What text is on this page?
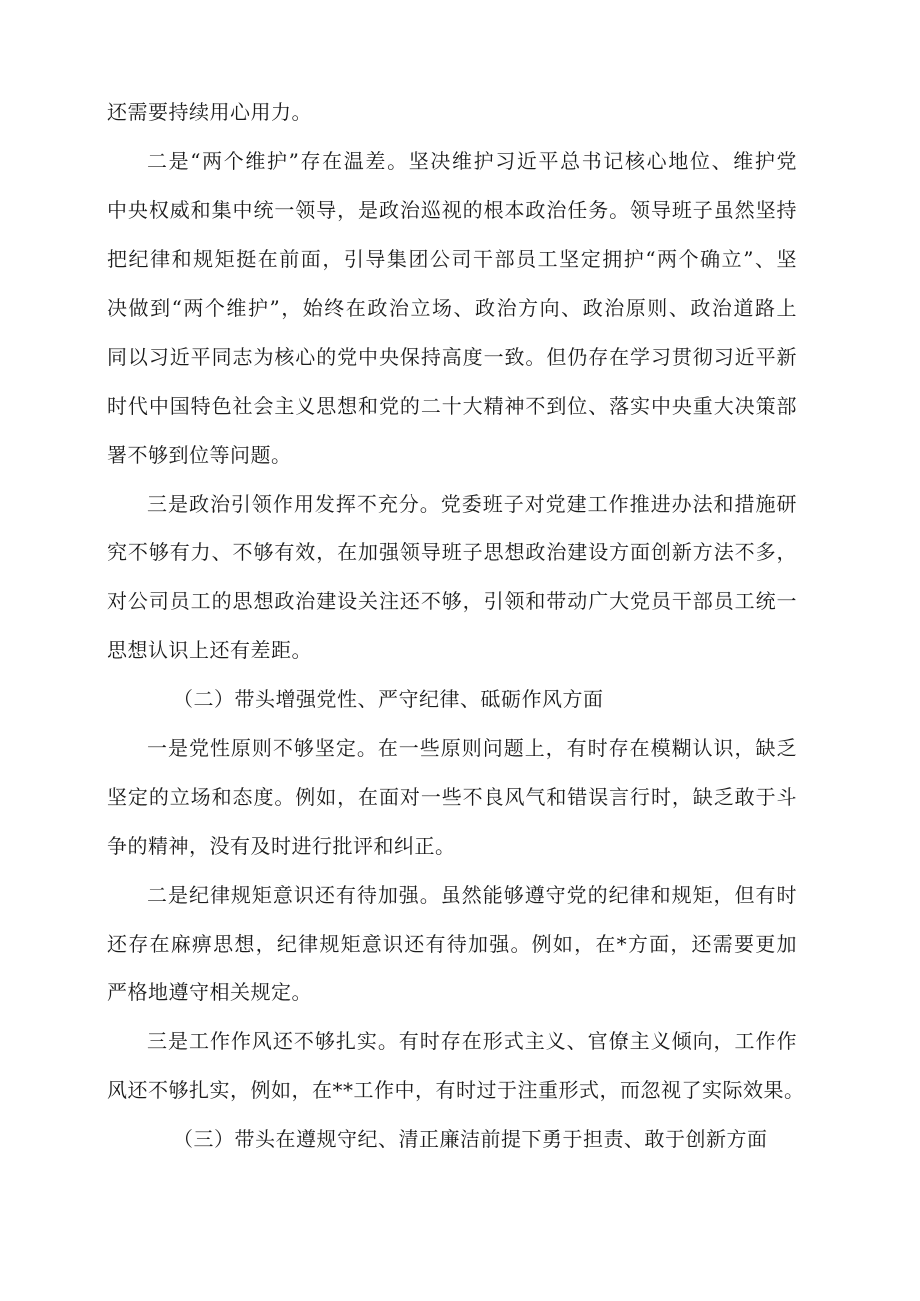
还需要持续用心用力。
二是“两个维护”存在温差。坚决维护习近平总书记核心地位、维护党
中央权威和集中统一领导，是政治巡视的根本政治任务。领导班子虽然坚持
把纪律和规矩挺在前面，引导集团公司干部员工坚定拥护“两个确立”、坚
决做到“两个维护”，始终在政治立场、政治方向、政治原则、政治道路上
同以习近平同志为核心的党中央保持高度一致。但仍存在学习贯彻习近平新
时代中国特色社会主义思想和党的二十大精神不到位、落实中央重大决策部
署不够到位等问题。
三是政治引领作用发挥不充分。党委班子对党建工作推进办法和措施研
究不够有力、不够有效，在加强领导班子思想政治建设方面创新方法不多，
对公司员工的思想政治建设关注还不够，引领和带动广大党员干部员工统一
思想认识上还有差距。
（二）带头增强党性、严守纪律、砥砺作风方面
一是党性原则不够坚定。在一些原则问题上，有时存在模糊认识，缺乏
坚定的立场和态度。例如，在面对一些不良风气和错误言行时，缺乏敢于斗
争的精神，没有及时进行批评和纠正。
二是纪律规矩意识还有待加强。虽然能够遵守党的纪律和规矩，但有时
还存在麻痹思想，纪律规矩意识还有待加强。例如，在*方面，还需要更加
严格地遵守相关规定。
三是工作作风还不够扎实。有时存在形式主义、官僚主义倾向，工作作
风还不够扎实，例如，在**工作中，有时过于注重形式，而忽视了实际效果。
（三）带头在遵规守纪、清正廉洁前提下勇于担责、敢于创新方面
